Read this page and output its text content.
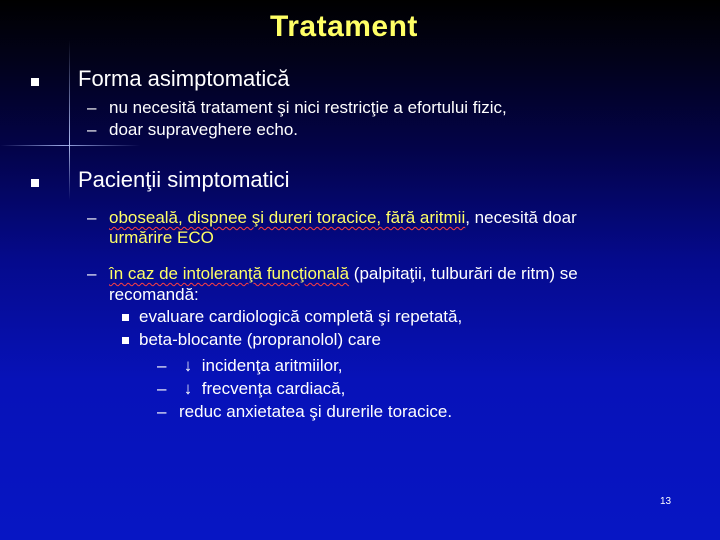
Tratament
Forma asimptomatică
– nu necesită tratament şi nici restricţie a efortului fizic,
– doar supraveghere echo.
Pacienţii simptomatici
– oboseală, dispnee şi dureri toracice, fără aritmii, necesită doar
urmărire ECO
– în caz de intoleranţă funcţională (palpitaţii, tulburări de ritm) se
recomandă:
evaluare cardiologică completă şi repetată,
beta-blocante (propranolol) care
– ↓ incidenţa aritmiilor,
– ↓ frecvenţa cardiacă,
– reduc anxietatea şi durerile toracice.
13
